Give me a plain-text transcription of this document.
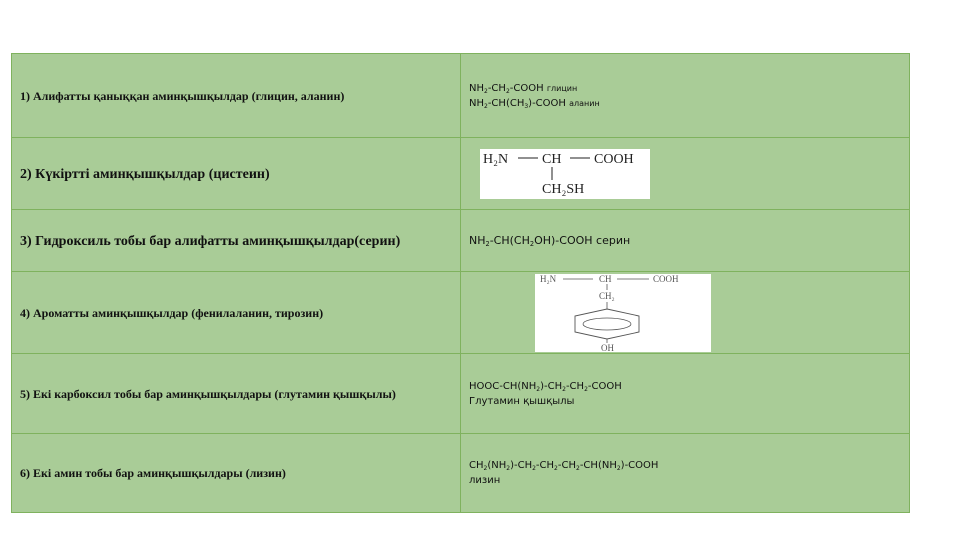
1) Алифатты қаныққан аминқышқылдар (глицин, аланин)	$NH_2-CH_2$-COOH глицин
$NH_2-CH(CH_3)$-COOH аланин

2) Күкіртті аминқышқылдар (цистеин)	H₂N CH COOH
CH₂SH

3) Гидроксиль тобы бар алифатты аминқышқылдар(серин)	$NH_2-CH(CH_2OH)$-COOH серин

4) Ароматты аминқышқылдар (фенилаланин, тирозин)	H₂N CH COOH
CH₂
OH

5) Екі карбоксил тобы бар аминқышқылдары (глутамин қышқылы)	HOOC-$CH(NH_2)-CH_2-CH_2$-COOH
Глутамин қышқылы

6) Екі амин тобы бар аминқышқылдары (лизин)	$CH_2(NH_2)-CH_2-CH_2-CH_2-CH(NH_2)$-COOH
лизин
